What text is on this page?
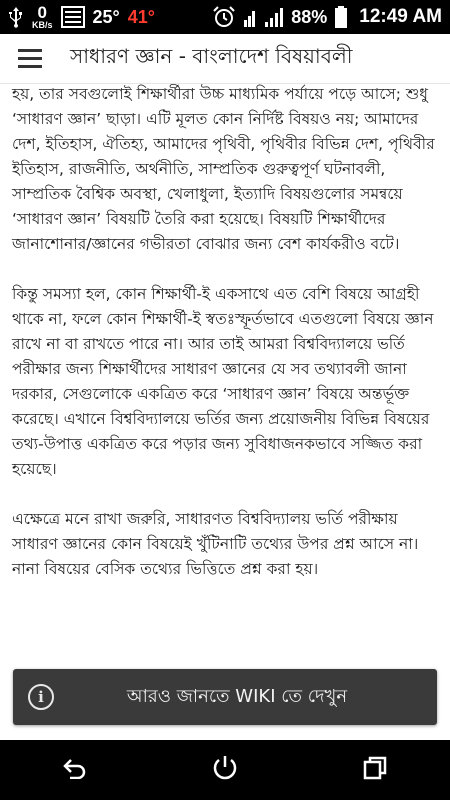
0
KB/s 25° 41°	88% 12:49 AM
সাধারণ জ্ঞান - বাংলাদেশ বিষয়াবলী

হয়, তার সবগুলোই শিক্ষার্থীরা উচ্চ মাধ্যমিক পর্যায়ে পড়ে আসে; শুধু ‘সাধারণ জ্ঞান’ ছাড়া। এটি মূলত কোন নির্দিষ্ট বিষয়ও নয়; আমাদের দেশ, ইতিহাস, ঐতিহ্য, আমাদের পৃথিবী, পৃথিবীর বিভিন্ন দেশ, পৃথিবীর ইতিহাস, রাজনীতি, অর্থনীতি, সাম্প্রতিক গুরুত্বপূর্ণ ঘটনাবলী, সাম্প্রতিক বৈশ্বিক অবস্থা, খেলাধুলা, ইত্যাদি বিষয়গুলোর সমন্বয়ে ‘সাধারণ জ্ঞান’ বিষয়টি তৈরি করা হয়েছে। বিষয়টি শিক্ষার্থীদের জানাশোনার/জ্ঞানের গভীরতা বোঝার জন্য বেশ কার্যকরীও বটে।

কিন্তু সমস্যা হল, কোন শিক্ষার্থী-ই একসাথে এত বেশি বিষয়ে আগ্রহী থাকে না, ফলে কোন শিক্ষার্থী-ই স্বতঃস্ফূর্তভাবে এতগুলো বিষয়ে জ্ঞান রাখে না বা রাখতে পারে না। আর তাই আমরা বিশ্ববিদ্যালয়ে ভর্তি পরীক্ষার জন্য শিক্ষার্থীদের সাধারণ জ্ঞানের যে সব তথ্যাবলী জানা দরকার, সেগুলোকে একত্রিত করে ‘সাধারণ জ্ঞান’ বিষয়ে অন্তর্ভূক্ত করেছে। এখানে বিশ্ববিদ্যালয়ে ভর্তির জন্য প্রয়োজনীয় বিভিন্ন বিষয়ের তথ্য-উপাত্ত একত্রিত করে পড়ার জন্য সুবিধাজনকভাবে সজ্জিত করা হয়েছে।

এক্ষেত্রে মনে রাখা জরুরি, সাধারণত বিশ্ববিদ্যালয় ভর্তি পরীক্ষায় সাধারণ জ্ঞানের কোন বিষয়েই খুঁটিনাটি তথ্যের উপর প্রশ্ন আসে না। নানা বিষয়ের বেসিক তথ্যের ভিত্তিতে প্রশ্ন করা হয়।

i	আরও জানতে WIKI তে দেখুন
